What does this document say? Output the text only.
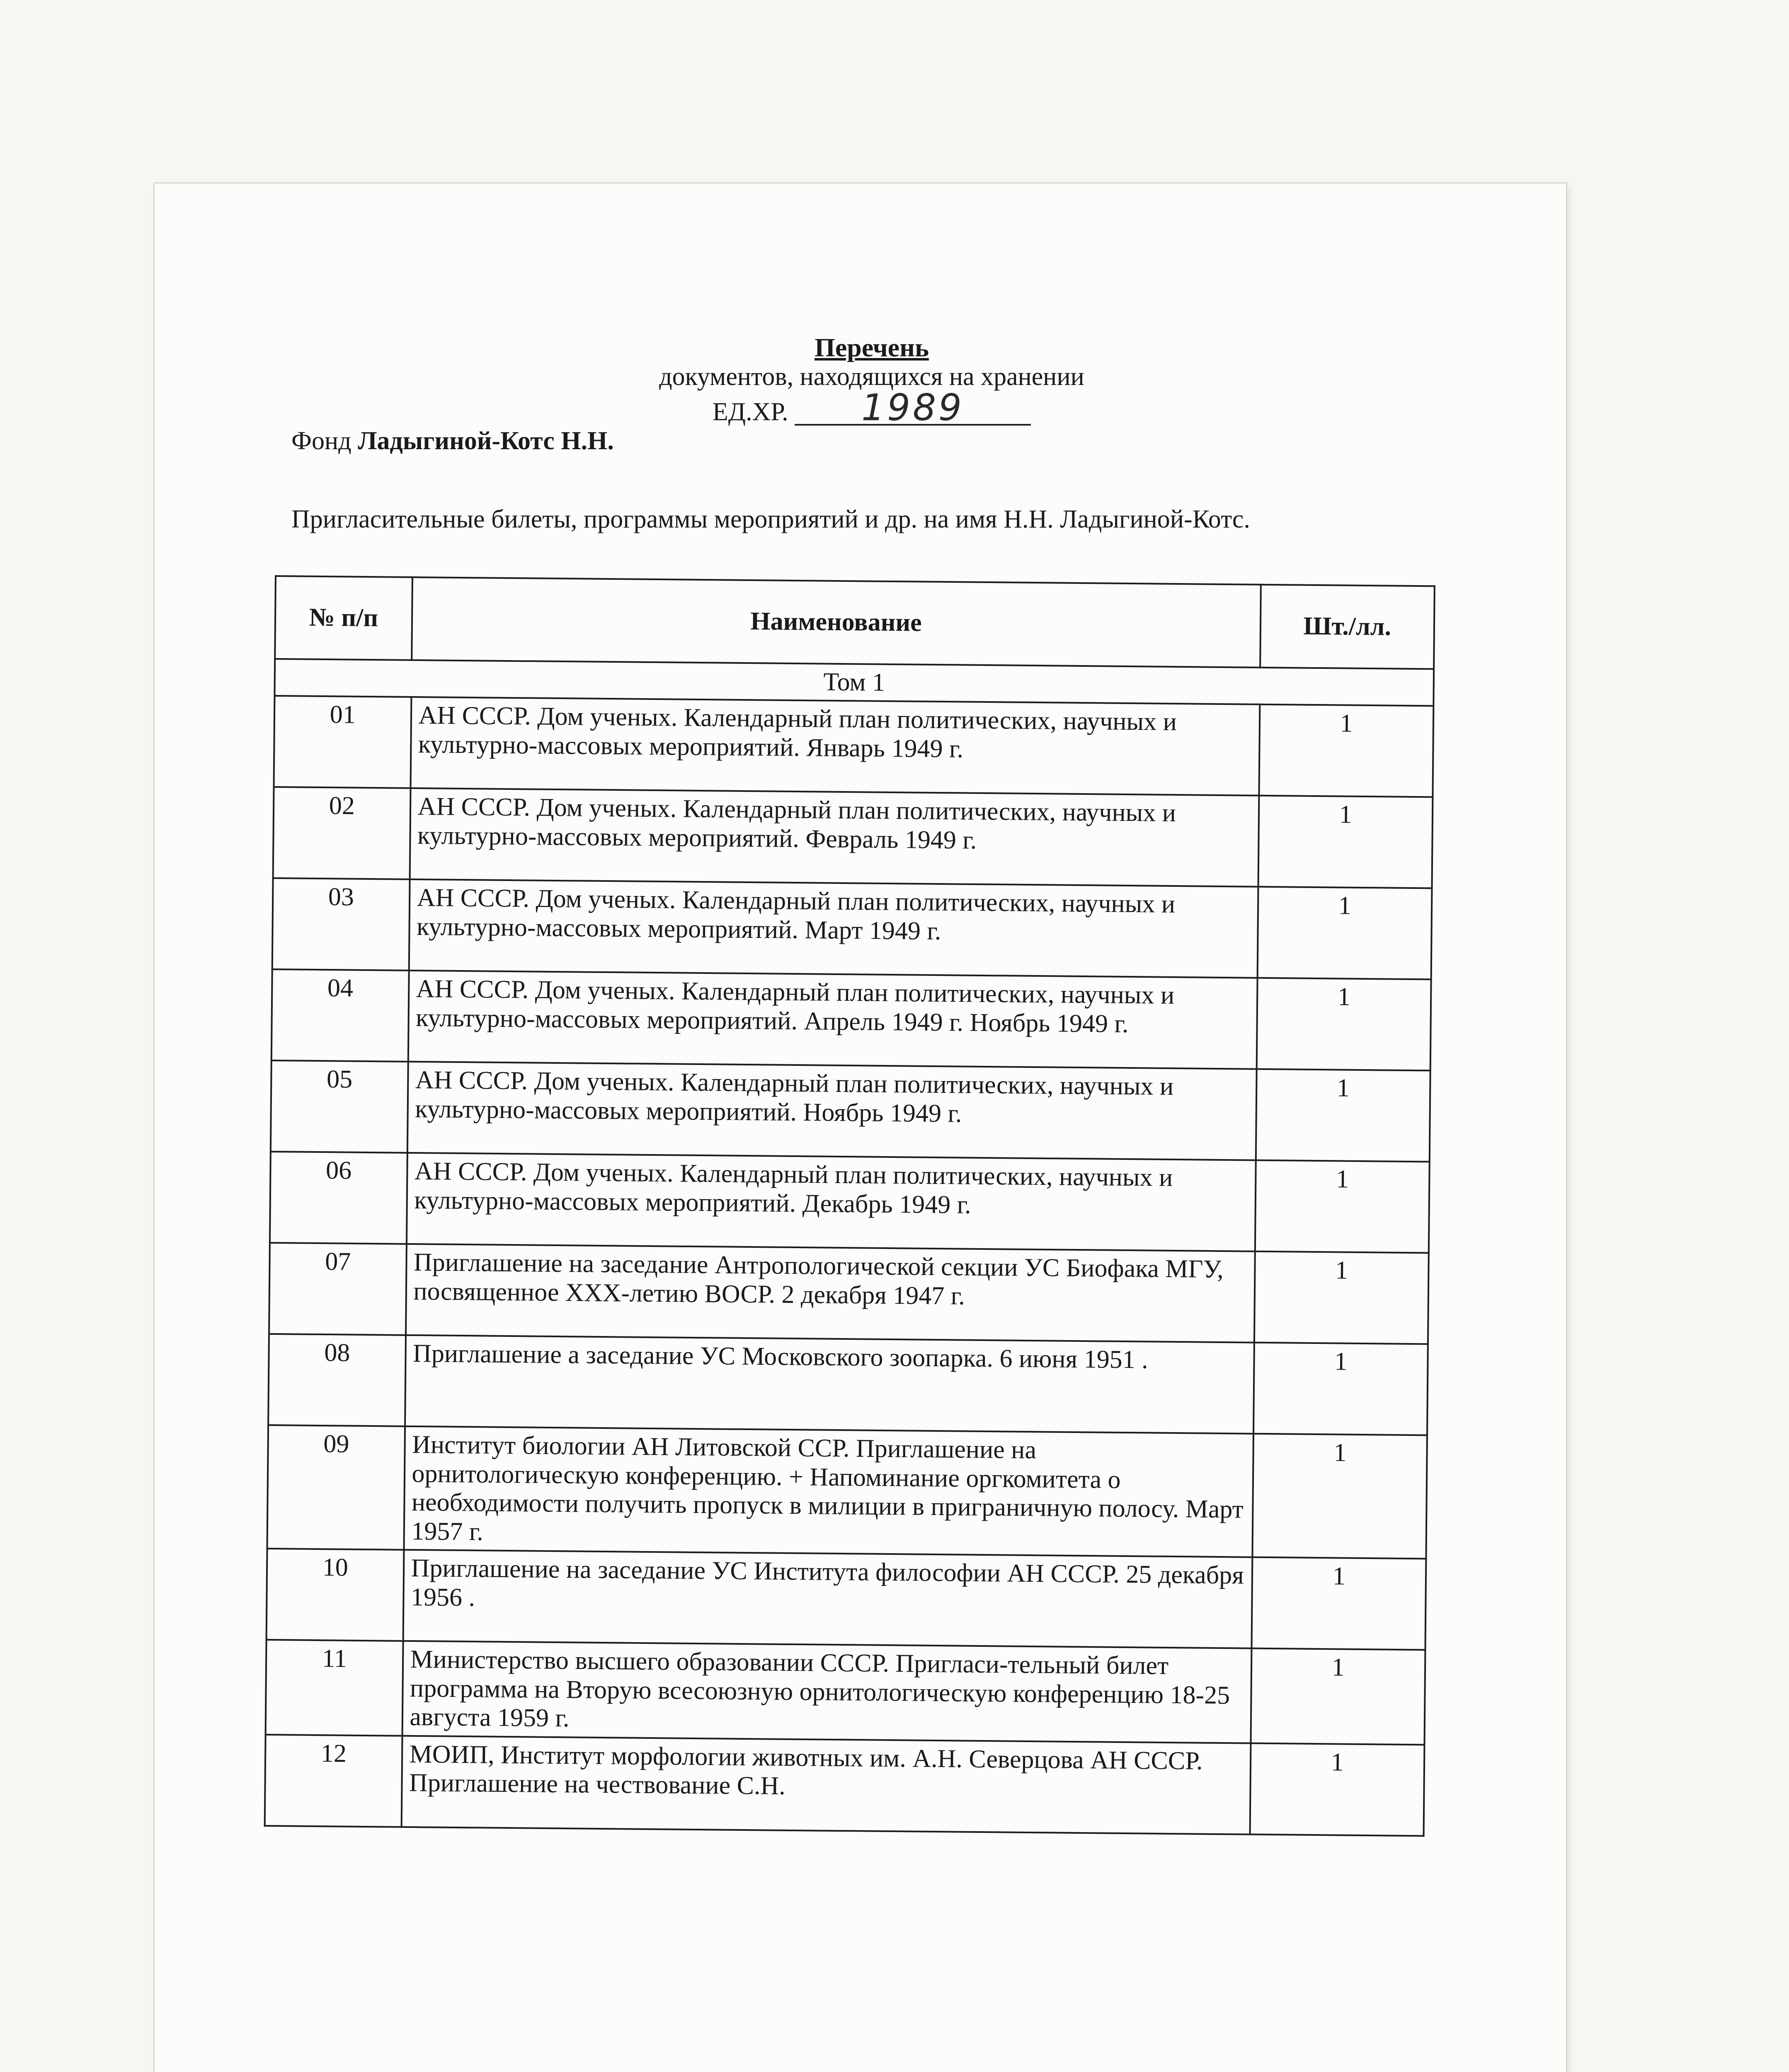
Перечень

документов, находящихся на хранении

ЕД.ХР. 1989

Фонд Ладыгиной-Котс Н.Н.

Пригласительные билеты, программы мероприятий и др. на имя Н.Н. Ладыгиной-Котс.

№ п/п	Наименование	Шт./лл.
Том 1		
01	АН СССР. Дом ученых. Календарный план политических, научных и культурно-массовых мероприятий. Январь 1949 г.	1
02	АН СССР. Дом ученых. Календарный план политических, научных и культурно-массовых мероприятий. Февраль 1949 г.	1
03	АН СССР. Дом ученых. Календарный план политических, научных и культурно-массовых мероприятий. Март 1949 г.	1
04	АН СССР. Дом ученых. Календарный план политических, научных и культурно-массовых мероприятий. Апрель 1949 г. Ноябрь 1949 г.	1
05	АН СССР. Дом ученых. Календарный план политических, научных и культурно-массовых мероприятий. Ноябрь 1949 г.	1
06	АН СССР. Дом ученых. Календарный план политических, научных и культурно-массовых мероприятий. Декабрь 1949 г.	1
07	Приглашение на заседание Антропологической секции УС Биофака МГУ, посвященное XXX-летию ВОСР. 2 декабря 1947 г.	1
08	Приглашение а заседание УС Московского зоопарка. 6 июня 1951 .	1
09	Институт биологии АН Литовской ССР. Приглашение на орнитологическую конференцию. + Напоминание оргкомитета о необходимости получить пропуск в милиции в приграничную полосу. Март 1957 г.	1
10	Приглашение на заседание УС Института философии АН СССР. 25 декабря 1956 .	1
11	Министерство высшего образовании СССР. Пригласи-тельный билет программа на Вторую всесоюзную орнитологическую конференцию 18-25 августа 1959 г.	1
12	МОИП, Институт морфологии животных им. А.Н. Северцова АН СССР. Приглашение на чествование С.Н.	1
